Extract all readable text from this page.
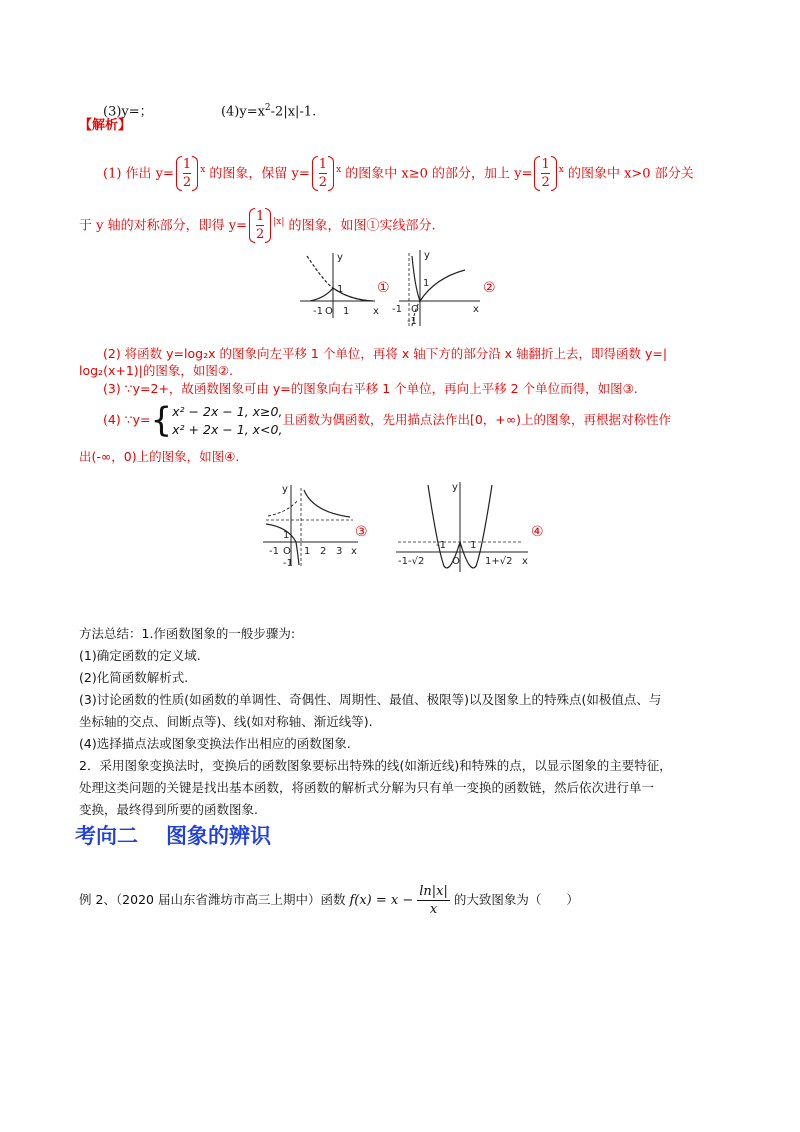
(3)y=；	$(4)y=x^2-2|x|-1$.
【解析】
(1) 作出 $y= \frac{1}{2} ^x$ 的图象，保留 $y= \frac{1}{2} ^x$ 的图象中 x≥0 的部分，加上 $y= \frac{1}{2} ^x$ 的图象中 x>0 部分关
于 y 轴的对称部分，即得 $y= \frac{1}{2} ^{|x|}$ 的图象，如图①实线部分.
y
x
1
-1 O 1
①
y
x
1
-1 O
-1
②
(2) 将函数 y=log₂x 的图象向左平移 1 个单位，再将 x 轴下方的部分沿 x 轴翻折上去，即得函数 y=|
log₂(x+1)|的图象，如图②.
(3) ∵y=2+，故函数图象可由 y=的图象向右平移 1 个单位，再向上平移 2 个单位而得，如图③.
(4) ∵y={ x² − 2x − 1, x≥0,
x² + 2x − 1, x<0,
且函数为偶函数，先用描点法作出[0，+∞)上的图象，再根据对称性作
出(-∞，0)上的图象，如图④.
y
x
1 2 3
-1 O
1
-1
③
y
x
-1-√2	1+√2
-1 1
O
④
方法总结：1.作函数图象的一般步骤为:
(1)确定函数的定义域.
(2)化简函数解析式.
(3)讨论函数的性质(如函数的单调性、奇偶性、周期性、最值、极限等)以及图象上的特殊点(如极值点、与
坐标轴的交点、间断点等)、线(如对称轴、渐近线等).
(4)选择描点法或图象变换法作出相应的函数图象.
2．采用图象变换法时，变换后的函数图象要标出特殊的线(如渐近线)和特殊的点，以显示图象的主要特征，
处理这类问题的关键是找出基本函数，将函数的解析式分解为只有单一变换的函数链，然后依次进行单一
变换，最终得到所要的函数图象.
考向二 图象的辨识
例 2、（2020 届山东省潍坊市高三上期中）函数 $f(x) = x - \frac{\ln|x|}{x}$ 的大致图象为（　　）
